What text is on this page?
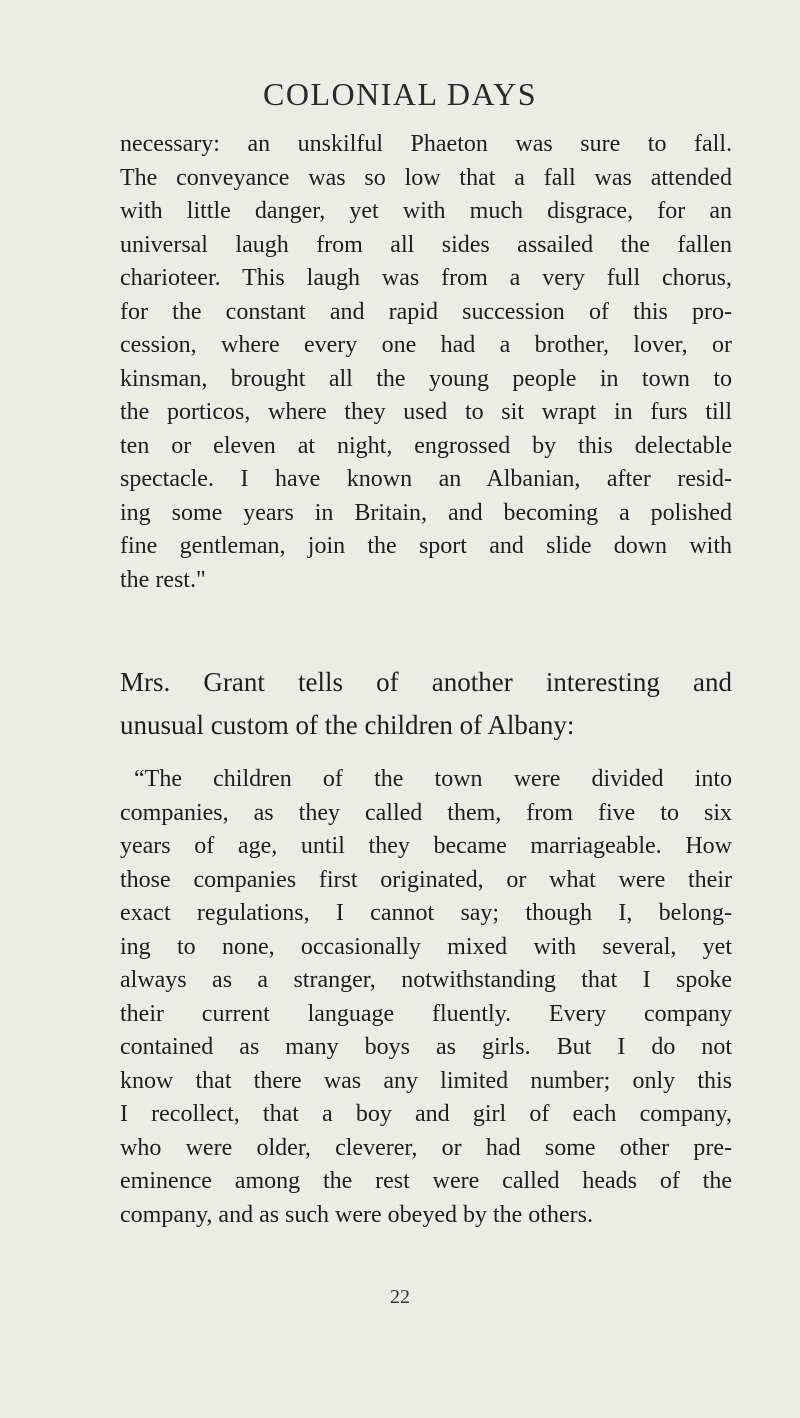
COLONIAL DAYS
necessary: an unskilful Phaeton was sure to fall.
The conveyance was so low that a fall was attended
with little danger, yet with much disgrace, for an
universal laugh from all sides assailed the fallen
charioteer. This laugh was from a very full chorus,
for the constant and rapid succession of this pro-
cession, where every one had a brother, lover, or
kinsman, brought all the young people in town to
the porticos, where they used to sit wrapt in furs till
ten or eleven at night, engrossed by this delectable
spectacle. I have known an Albanian, after resid-
ing some years in Britain, and becoming a polished
fine gentleman, join the sport and slide down with
the rest."
Mrs. Grant tells of another interesting and
unusual custom of the children of Albany:
“The children of the town were divided into
companies, as they called them, from five to six
years of age, until they became marriageable. How
those companies first originated, or what were their
exact regulations, I cannot say; though I, belong-
ing to none, occasionally mixed with several, yet
always as a stranger, notwithstanding that I spoke
their current language fluently. Every company
contained as many boys as girls. But I do not
know that there was any limited number; only this
I recollect, that a boy and girl of each company,
who were older, cleverer, or had some other pre-
eminence among the rest were called heads of the
company, and as such were obeyed by the others.
22
